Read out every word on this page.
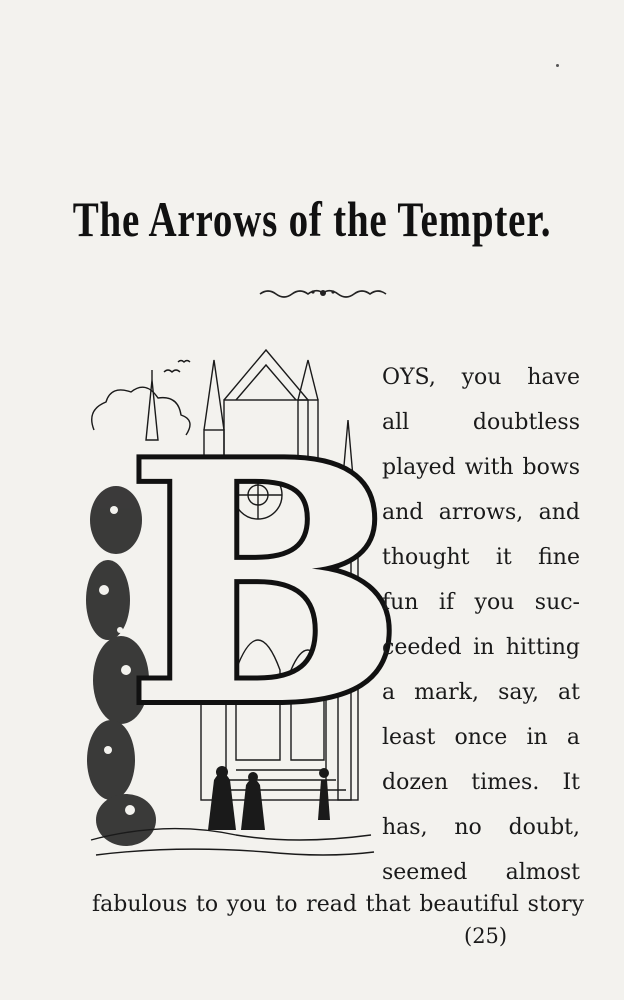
The Arrows of the Tempter.
B
OYS, you have
all doubtless
played with bows
and arrows, and
thought it fine
fun if you suc-
ceeded in hitting
a mark, say, at
least once in a
dozen times. It
has, no doubt,
seemed almost
fabulous to you to read that beautiful story
(25)
